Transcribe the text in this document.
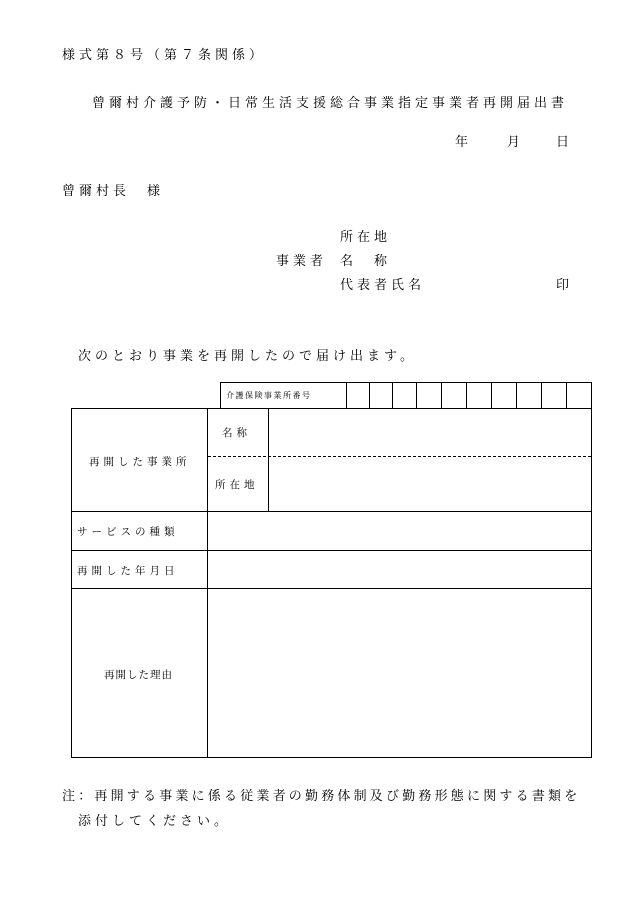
様式第８号（第７条関係）
曾爾村介護予防・日常生活支援総合事業指定事業者再開届出書
年	月	日
曾爾村長　様
所在地
事業者 名　称
代表者氏名	印
次のとおり事業を再開したので届け出ます。
介護保険事業所番号
再開した事業所
名称
所在地
サービスの種類
再開した年月日
再開した理由
注：再開する事業に係る従業者の勤務体制及び勤務形態に関する書類を
添付してください。
